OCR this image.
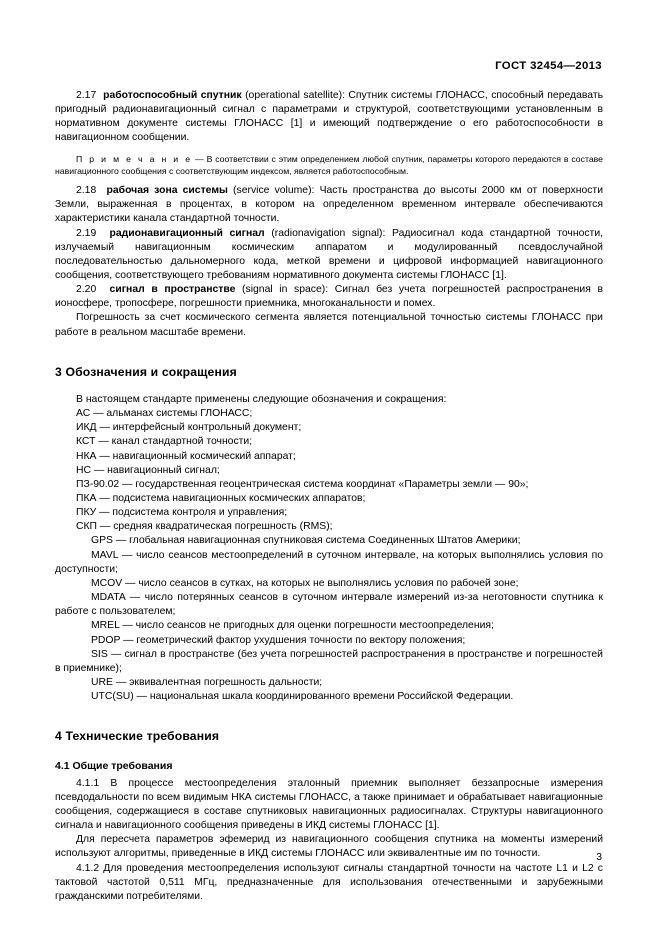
ГОСТ 32454—2013

2.17 работоспособный спутник (operational satellite): Спутник системы ГЛОНАСС, способный передавать пригодный радионавигационный сигнал с параметрами и структурой, соответствующими установленным в нормативном документе системы ГЛОНАСС [1] и имеющий подтверждение о его работоспособности в навигационном сообщении.

П р и м е ч а н и е — В соответствии с этим определением любой спутник, параметры которого передаются в составе навигационного сообщения с соответствующим индексом, является работоспособным.

2.18 рабочая зона системы (service volume): Часть пространства до высоты 2000 км от поверхности Земли, выраженная в процентах, в котором на определенном временном интервале обеспечиваются характеристики канала стандартной точности.

2.19 радионавигационный сигнал (radionavigation signal): Радиосигнал кода стандартной точности, излучаемый навигационным космическим аппаратом и модулированный псевдослучайной последовательностью дальномерного кода, меткой времени и цифровой информацией навигационного сообщения, соответствующего требованиям нормативного документа системы ГЛОНАСС [1].

2.20 сигнал в пространстве (signal in space): Сигнал без учета погрешностей распространения в ионосфере, тропосфере, погрешности приемника, многоканальности и помех.

Погрешность за счет космического сегмента является потенциальной точностью системы ГЛОНАСС при работе в реальном масштабе времени.

3 Обозначения и сокращения

В настоящем стандарте применены следующие обозначения и сокращения:

АС — альманах системы ГЛОНАСС;

ИКД — интерфейсный контрольный документ;

КСТ — канал стандартной точности;

НКА — навигационный космический аппарат;

НС — навигационный сигнал;

ПЗ-90.02 — государственная геоцентрическая система координат «Параметры земли — 90»;

ПКА — подсистема навигационных космических аппаратов;

ПКУ — подсистема контроля и управления;

СКП — средняя квадратическая погрешность (RMS);

GPS — глобальная навигационная спутниковая система Соединенных Штатов Америки;

MAVL — число сеансов местоопределений в суточном интервале, на которых выполнялись условия по доступности;

MCOV — число сеансов в сутках, на которых не выполнялись условия по рабочей зоне;

MDATA — число потерянных сеансов в суточном интервале измерений из-за неготовности спутника к работе с пользователем;

MREL — число сеансов не пригодных для оценки погрешности местоопределения;

PDOP — геометрический фактор ухудшения точности по вектору положения;

SIS — сигнал в пространстве (без учета погрешностей распространения в пространстве и погрешностей в приемнике);

URE — эквивалентная погрешность дальности;

UTC(SU) — национальная шкала координированного времени Российской Федерации.

4 Технические требования

4.1 Общие требования

4.1.1 В процессе местоопределения эталонный приемник выполняет беззапросные измерения псевдодальности по всем видимым НКА системы ГЛОНАСС, а также принимает и обрабатывает навигационные сообщения, содержащиеся в составе спутниковых навигационных радиосигналах. Структуры навигационного сигнала и навигационного сообщения приведены в ИКД системы ГЛОНАСС [1].

Для пересчета параметров эфемерид из навигационного сообщения спутника на моменты измерений используют алгоритмы, приведенные в ИКД системы ГЛОНАСС или эквивалентные им по точности.

4.1.2 Для проведения местоопределения используют сигналы стандартной точности на частоте L1 и L2 с тактовой частотой 0,511 МГц, предназначенные для использования отечественными и зарубежными гражданскими потребителями.

3
